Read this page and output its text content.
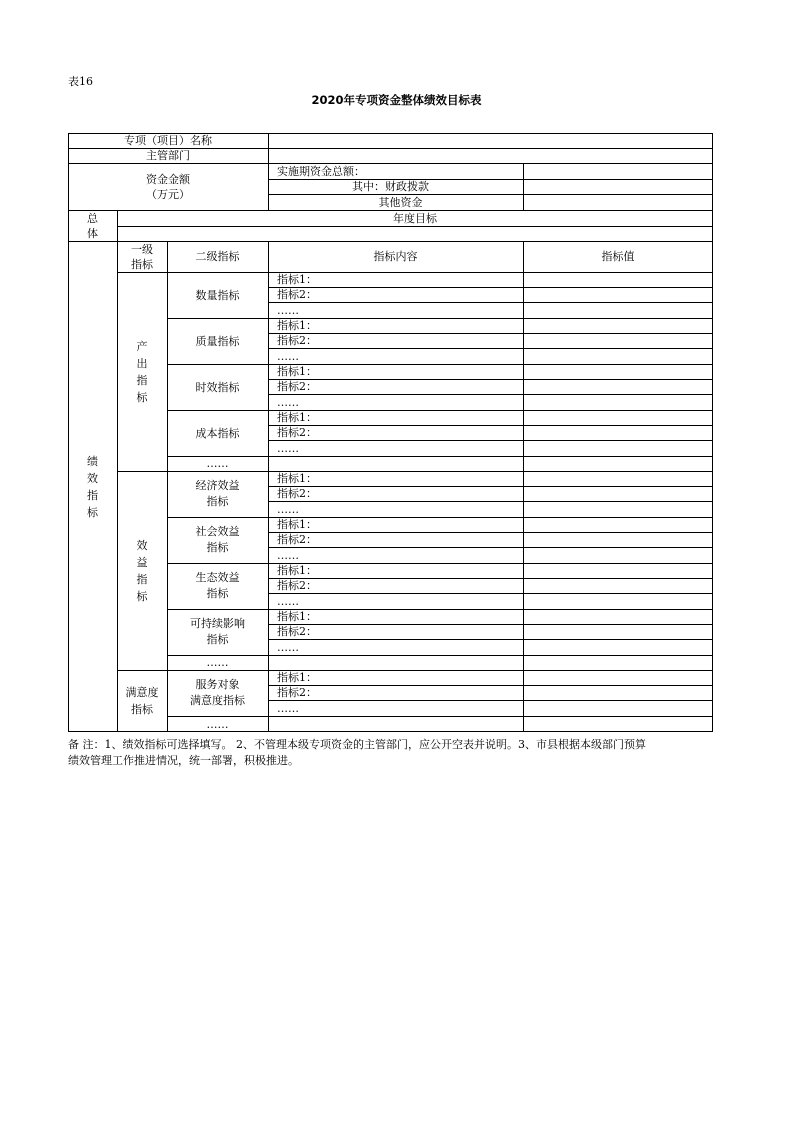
表16
2020年专项资金整体绩效目标表
专项（项目）名称
主管部门
资金金额
（万元）
实施期资金总额：
其中：财政拨款
其他资金
总
体
年度目标
绩
效
指
标
一级
指标
二级指标	指标内容	指标值
产
出
指
标
效
益
指
标
满意度
指标
数量指标
质量指标
时效指标
成本指标
……
经济效益
指标
社会效益
指标
生态效益
指标
可持续影响
指标
……
服务对象
满意度指标
……
指标1：
指标2：
……
指标1：
指标2：
……
指标1：
指标2：
……
指标1：
指标2：
……
指标1：
指标2：
……
指标1：
指标2：
……
指标1：
指标2：
……
指标1：
指标2：
……
指标1：
指标2：
……
备 注：1、绩效指标可选择填写。 2、不管理本级专项资金的主管部门，应公开空表并说明。3、市县根据本级部门预算
绩效管理工作推进情况，统一部署，积极推进。
